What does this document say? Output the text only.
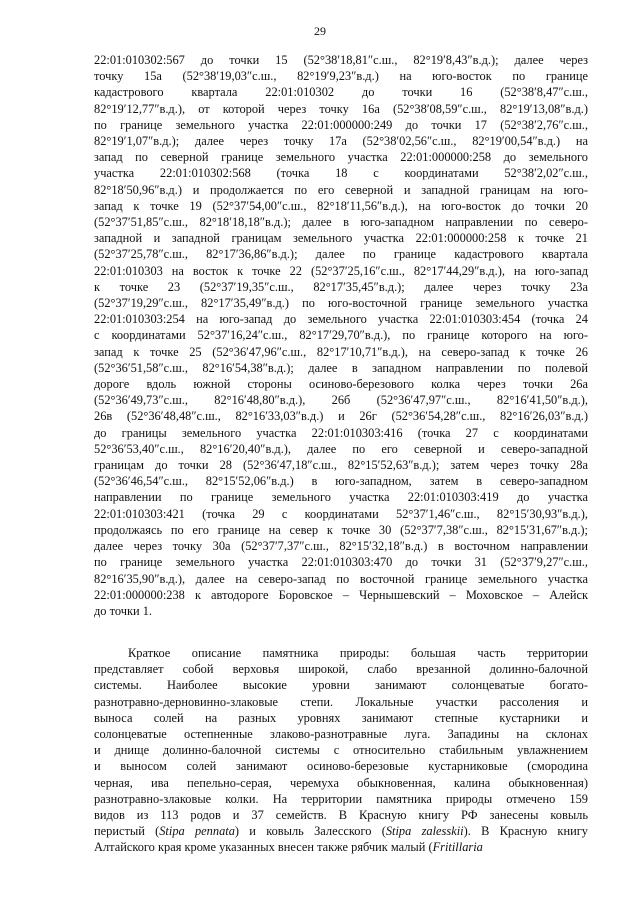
29
22:01:010302:567 до точки 15 (52°38′18,81″с.ш., 82°19′8,43″в.д.); далее через
точку 15а (52°38′19,03″с.ш., 82°19′9,23″в.д.) на юго-восток по границе
кадастрового квартала 22:01:010302 до точки 16 (52°38′8,47″с.ш.,
82°19′12,77″в.д.), от которой через точку 16а (52°38′08,59″с.ш., 82°19′13,08″в.д.)
по границе земельного участка 22:01:000000:249 до точки 17 (52°38′2,76″с.ш.,
82°19′1,07″в.д.); далее через точку 17а (52°38′02,56″с.ш., 82°19′00,54″в.д.) на
запад по северной границе земельного участка 22:01:000000:258 до земельного
участка 22:01:010302:568 (точка 18 с координатами 52°38′2,02″с.ш.,
82°18′50,96″в.д.) и продолжается по его северной и западной границам на юго-
запад к точке 19 (52°37′54,00″с.ш., 82°18′11,56″в.д.), на юго-восток до точки 20
(52°37′51,85″с.ш., 82°18′18,18″в.д.); далее в юго-западном направлении по северо-
западной и западной границам земельного участка 22:01:000000:258 к точке 21
(52°37′25,78″с.ш., 82°17′36,86″в.д.); далее по границе кадастрового квартала
22:01:010303 на восток к точке 22 (52°37′25,16″с.ш., 82°17′44,29″в.д.), на юго-запад
к точке 23 (52°37′19,35″с.ш., 82°17′35,45″в.д.); далее через точку 23а
(52°37′19,29″с.ш., 82°17′35,49″в.д.) по юго-восточной границе земельного участка
22:01:010303:254 на юго-запад до земельного участка 22:01:010303:454 (точка 24
с координатами 52°37′16,24″с.ш., 82°17′29,70″в.д.), по границе которого на юго-
запад к точке 25 (52°36′47,96″с.ш., 82°17′10,71″в.д.), на северо-запад к точке 26
(52°36′51,58″с.ш., 82°16′54,38″в.д.); далее в западном направлении по полевой
дороге вдоль южной стороны осиново-березового колка через точки 26а
(52°36′49,73″с.ш., 82°16′48,80″в.д.), 26б (52°36′47,97″с.ш., 82°16′41,50″в.д.),
26в (52°36′48,48″с.ш., 82°16′33,03″в.д.) и 26г (52°36′54,28″с.ш., 82°16′26,03″в.д.)
до границы земельного участка 22:01:010303:416 (точка 27 с координатами
52°36′53,40″с.ш., 82°16′20,40″в.д.), далее по его северной и северо-западной
границам до точки 28 (52°36′47,18″с.ш., 82°15′52,63″в.д.); затем через точку 28а
(52°36′46,54″с.ш., 82°15′52,06″в.д.) в юго-западном, затем в северо-западном
направлении по границе земельного участка 22:01:010303:419 до участка
22:01:010303:421 (точка 29 с координатами 52°37′1,46″с.ш., 82°15′30,93″в.д.),
продолжаясь по его границе на север к точке 30 (52°37′7,38″с.ш., 82°15′31,67″в.д.);
далее через точку 30а (52°37′7,37″с.ш., 82°15′32,18″в.д.) в восточном направлении
по границе земельного участка 22:01:010303:470 до точки 31 (52°37′9,27″с.ш.,
82°16′35,90″в.д.), далее на северо-запад по восточной границе земельного участка
22:01:000000:238 к автодороге Боровское – Чернышевский – Моховское – Алейск
до точки 1.
Краткое описание памятника природы: большая часть территории
представляет собой верховья широкой, слабо врезанной долинно-балочной
системы. Наиболее высокие уровни занимают солонцеватые богато-
разнотравно-дерновинно-злаковые степи. Локальные участки рассоления и
выноса солей на разных уровнях занимают степные кустарники и
солонцеватые остепненные злаково-разнотравные луга. Западины на склонах
и днище долинно-балочной системы с относительно стабильным увлажнением
и выносом солей занимают осиново-березовые кустарниковые (смородина
черная, ива пепельно-серая, черемуха обыкновенная, калина обыкновенная)
разнотравно-злаковые колки. На территории памятника природы отмечено 159
видов из 113 родов и 37 семейств. В Красную книгу РФ занесены ковыль
перистый (Stipa pennata) и ковыль Залесского (Stipa zalesskii). В Красную книгу
Алтайского края кроме указанных внесен также рябчик малый (Fritillaria
